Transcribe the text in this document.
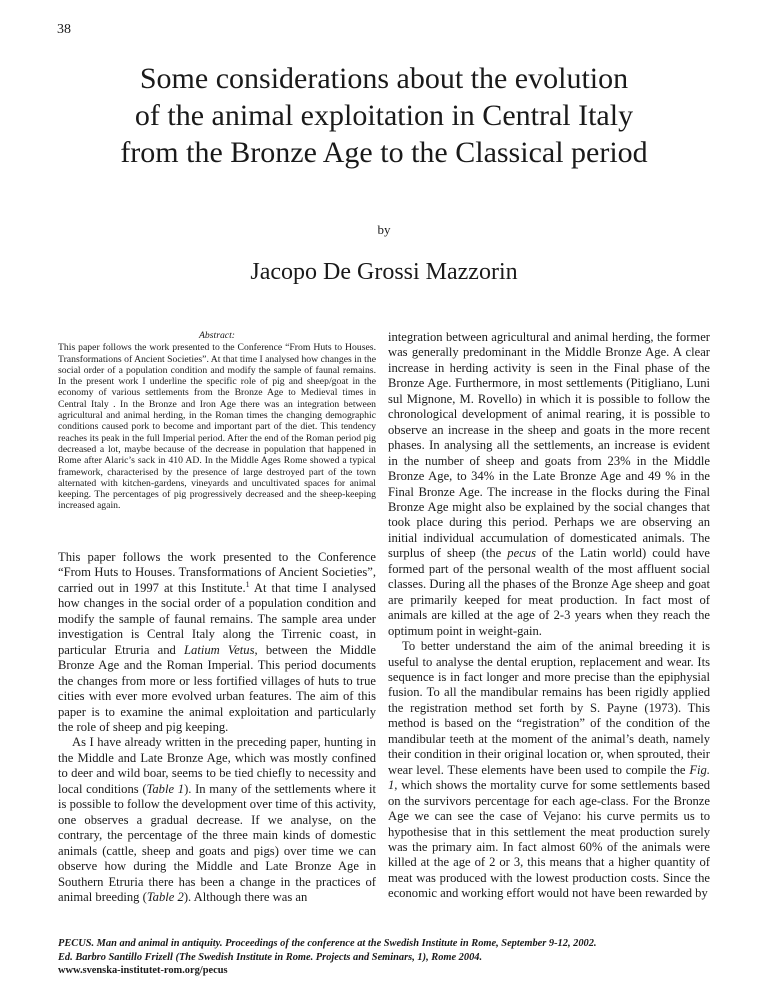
38
Some considerations about the evolution
of the animal exploitation in Central Italy
from the Bronze Age to the Classical period
by
Jacopo De Grossi Mazzorin
Abstract:

This paper follows the work presented to the Conference “From Huts to Houses. Transformations of Ancient Societies”. At that time I analysed how changes in the social order of a population condition and modify the sample of faunal remains. In the present work I underline the specific role of pig and sheep/goat in the economy of various settlements from the Bronze Age to Medieval times in Central Italy . In the Bronze and Iron Age there was an integration between agricultural and animal herding, in the Roman times the changing demographic conditions caused pork to become and important part of the diet. This tendency reaches its peak in the full Imperial period. After the end of the Roman period pig decreased a lot, maybe because of the decrease in population that happened in Rome after Alaric’s sack in 410 AD. In the Middle Ages Rome showed a typical framework, characterised by the presence of large destroyed part of the town alternated with kitchen-gardens, vineyards and uncultivated spaces for animal keeping. The percentages of pig progressively decreased and the sheep-keeping increased again.

This paper follows the work presented to the Conference “From Huts to Houses. Transformations of Ancient Societies”, carried out in 1997 at this Institute.$^1$ At that time I analysed how changes in the social order of a population condition and modify the sample of faunal remains. The sample area under investigation is Central Italy along the Tirrenic coast, in particular Etruria and Latium Vetus, between the Middle Bronze Age and the Roman Imperial. This period documents the changes from more or less fortified villages of huts to true cities with ever more evolved urban features. The aim of this paper is to examine the animal exploitation and particularly the role of sheep and pig keeping.

As I have already written in the preceding paper, hunting in the Middle and Late Bronze Age, which was mostly confined to deer and wild boar, seems to be tied chiefly to necessity and local conditions (Table 1). In many of the settlements where it is possible to follow the development over time of this activity, one observes a gradual decrease. If we analyse, on the contrary, the percentage of the three main kinds of domestic animals (cattle, sheep and goats and pigs) over time we can observe how during the Middle and Late Bronze Age in Southern Etruria there has been a change in the practices of animal breeding (Table 2). Although there was an

integration between agricultural and animal herding, the former was generally predominant in the Middle Bronze Age. A clear increase in herding activity is seen in the Final phase of the Bronze Age. Furthermore, in most settlements (Pitigliano, Luni sul Mignone, M. Rovello) in which it is possible to follow the chronological development of animal rearing, it is possible to observe an increase in the sheep and goats in the more recent phases. In analysing all the settlements, an increase is evident in the number of sheep and goats from 23% in the Middle Bronze Age, to 34% in the Late Bronze Age and 49 % in the Final Bronze Age. The increase in the flocks during the Final Bronze Age might also be explained by the social changes that took place during this period. Perhaps we are observing an initial individual accumulation of domesticated animals. The surplus of sheep (the pecus of the Latin world) could have formed part of the personal wealth of the most affluent social classes. During all the phases of the Bronze Age sheep and goat are primarily keeped for meat production. In fact most of animals are killed at the age of 2-3 years when they reach the optimum point in weight-gain.

To better understand the aim of the animal breeding it is useful to analyse the dental eruption, replacement and wear. Its sequence is in fact longer and more precise than the epiphysial fusion. To all the mandibular remains has been rigidly applied the registration method set forth by S. Payne (1973). This method is based on the “registration” of the condition of the mandibular teeth at the moment of the animal’s death, namely their condition in their original location or, when sprouted, their wear level. These elements have been used to compile the Fig. 1, which shows the mortality curve for some settlements based on the survivors percentage for each age-class. For the Bronze Age we can see the case of Vejano: his curve permits us to hypothesise that in this settlement the meat production surely was the primary aim. In fact almost 60% of the animals were killed at the age of 2 or 3, this means that a higher quantity of meat was produced with the lowest production costs. Since the economic and working effort would not have been rewarded by

PECUS. Man and animal in antiquity. Proceedings of the conference at the Swedish Institute in Rome, September 9-12, 2002.
Ed. Barbro Santillo Frizell (The Swedish Institute in Rome. Projects and Seminars, 1), Rome 2004.
www.svenska-institutet-rom.org/pecus
